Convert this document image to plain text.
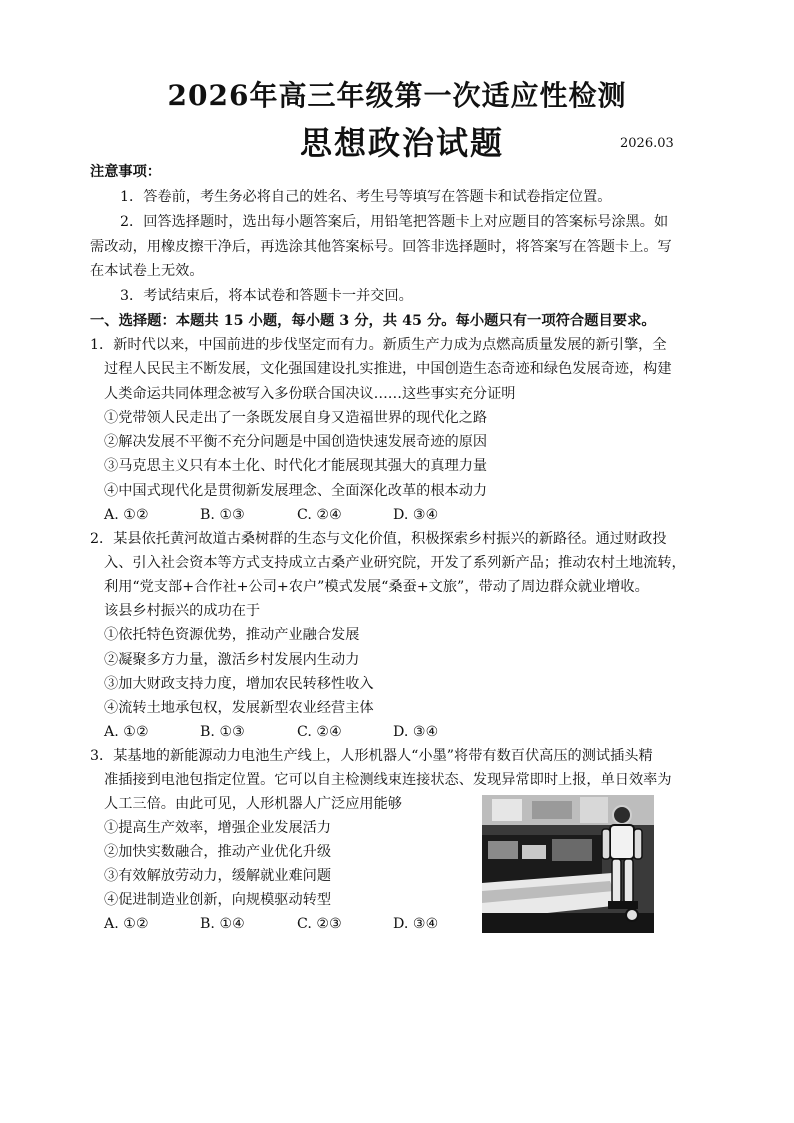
2026年高三年级第一次适应性检测
思想政治试题	2026.03
注意事项：
1．答卷前，考生务必将自己的姓名、考生号等填写在答题卡和试卷指定位置。
2．回答选择题时，选出每小题答案后，用铅笔把答题卡上对应题目的答案标号涂黑。如
需改动，用橡皮擦干净后，再选涂其他答案标号。回答非选择题时，将答案写在答题卡上。写
在本试卷上无效。
3．考试结束后，将本试卷和答题卡一并交回。
一、选择题：本题共 15 小题，每小题 3 分，共 45 分。每小题只有一项符合题目要求。
1．新时代以来，中国前进的步伐坚定而有力。新质生产力成为点燃高质量发展的新引擎，全
过程人民民主不断发展，文化强国建设扎实推进，中国创造生态奇迹和绿色发展奇迹，构建
人类命运共同体理念被写入多份联合国决议……这些事实充分证明
①党带领人民走出了一条既发展自身又造福世界的现代化之路
②解决发展不平衡不充分问题是中国创造快速发展奇迹的原因
③马克思主义只有本土化、时代化才能展现其强大的真理力量
④中国式现代化是贯彻新发展理念、全面深化改革的根本动力
A. ①②	B. ①③	C. ②④	D. ③④
2．某县依托黄河故道古桑树群的生态与文化价值，积极探索乡村振兴的新路径。通过财政投
入、引入社会资本等方式支持成立古桑产业研究院，开发了系列新产品；推动农村土地流转，
利用“党支部+合作社+公司+农户”模式发展“桑蚕+文旅”，带动了周边群众就业增收。
该县乡村振兴的成功在于
①依托特色资源优势，推动产业融合发展
②凝聚多方力量，激活乡村发展内生动力
③加大财政支持力度，增加农民转移性收入
④流转土地承包权，发展新型农业经营主体
A. ①②	B. ①③	C. ②④	D. ③④
3．某基地的新能源动力电池生产线上，人形机器人“小墨”将带有数百伏高压的测试插头精
准插接到电池包指定位置。它可以自主检测线束连接状态、发现异常即时上报，单日效率为
人工三倍。由此可见，人形机器人广泛应用能够
①提高生产效率，增强企业发展活力
②加快实数融合，推动产业优化升级
③有效解放劳动力，缓解就业难问题
④促进制造业创新，向规模驱动转型
A. ①②	B. ①④	C. ②③	D. ③④
